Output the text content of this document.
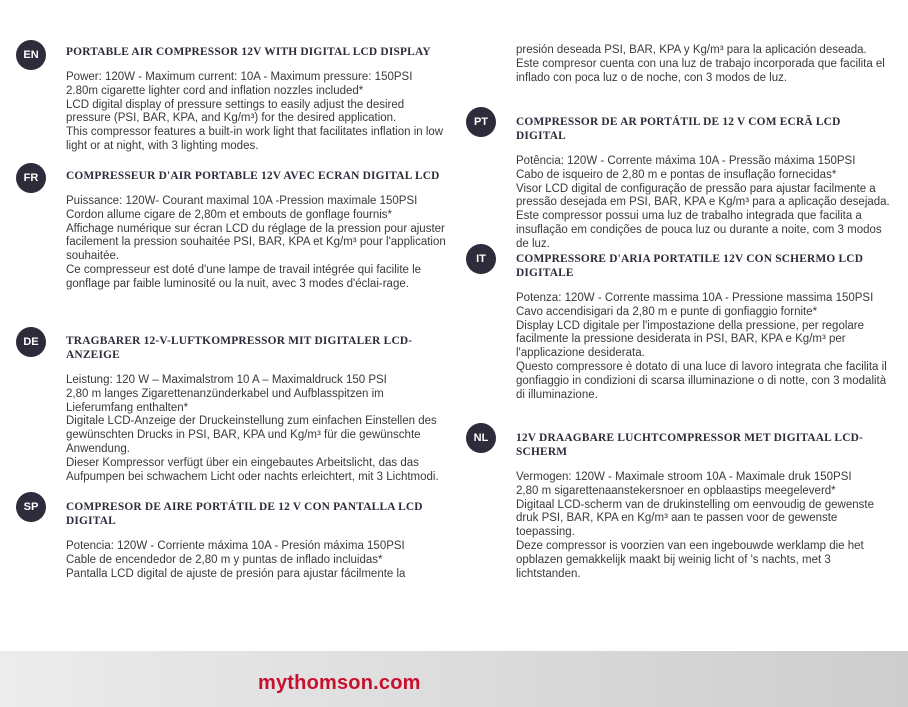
EN	PORTABLE AIR COMPRESSOR 12V WITH DIGITAL LCD DISPLAY

Power: 120W - Maximum current: 10A - Maximum pressure: 150PSI
2.80m cigarette lighter cord and inflation nozzles included*
LCD digital display of pressure settings to easily adjust the desired pressure (PSI, BAR, KPA, and Kg/m³) for the desired application.
This compressor features a built-in work light that facilitates inflation in low light or at night, with 3 lighting modes.

FR	COMPRESSEUR D'AIR PORTABLE 12V AVEC ECRAN DIGITAL LCD

Puissance: 120W- Courant maximal 10A -Pression maximale 150PSI
Cordon allume cigare de 2,80m et embouts de gonflage fournis*
Affichage numérique sur écran LCD du réglage de la pression pour ajuster facilement la pression souhaitée PSI, BAR, KPA et Kg/m³ pour l'application souhaitée.
Ce compresseur est doté d'une lampe de travail intégrée qui facilite le gonflage par faible luminosité ou la nuit, avec 3 modes d'éclai-rage.

DE	TRAGBARER 12-V-LUFTKOMPRESSOR MIT DIGITALER LCD-ANZEIGE

Leistung: 120 W – Maximalstrom 10 A – Maximaldruck 150 PSI
2,80 m langes Zigarettenanzünderkabel und Aufblasspitzen im Lieferumfang enthalten*
Digitale LCD-Anzeige der Druckeinstellung zum einfachen Einstellen des gewünschten Drucks in PSI, BAR, KPA und Kg/m³ für die gewünschte Anwendung.
Dieser Kompressor verfügt über ein eingebautes Arbeitslicht, das das Aufpumpen bei schwachem Licht oder nachts erleichtert, mit 3 Lichtmodi.

SP	COMPRESOR DE AIRE PORTÁTIL DE 12 V CON PANTALLA LCD DIGITAL

Potencia: 120W - Corriente máxima 10A - Presión máxima 150PSI
Cable de encendedor de 2,80 m y puntas de inflado incluidas*
Pantalla LCD digital de ajuste de presión para ajustar fácilmente la

presión deseada PSI, BAR, KPA y Kg/m³ para la aplicación deseada.
Este compresor cuenta con una luz de trabajo incorporada que facilita el inflado con poca luz o de noche, con 3 modos de luz.

PT	COMPRESSOR DE AR PORTÁTIL DE 12 V COM ECRÃ LCD DIGITAL

Potência: 120W - Corrente máxima 10A - Pressão máxima 150PSI
Cabo de isqueiro de 2,80 m e pontas de insuflação fornecidas*
Visor LCD digital de configuração de pressão para ajustar facilmente a pressão desejada em PSI, BAR, KPA e Kg/m³ para a aplicação desejada. Este compressor possui uma luz de trabalho integrada que facilita a insuflação em condições de pouca luz ou durante a noite, com 3 modos de luz.

IT	COMPRESSORE D'ARIA PORTATILE 12V CON SCHERMO LCD DIGITALE

Potenza: 120W - Corrente massima 10A - Pressione massima 150PSI
Cavo accendisigari da 2,80 m e punte di gonfiaggio fornite*
Display LCD digitale per l'impostazione della pressione, per regolare facilmente la pressione desiderata in PSI, BAR, KPA e Kg/m³ per l'applicazione desiderata.
Questo compressore è dotato di una luce di lavoro integrata che facilita il gonfiaggio in condizioni di scarsa illuminazione o di notte, con 3 modalità di illuminazione.

NL	12V DRAAGBARE LUCHTCOMPRESSOR MET DIGITAAL LCD-SCHERM

Vermogen: 120W - Maximale stroom 10A - Maximale druk 150PSI
2,80 m sigarettenaanstekersnoer en opblaastips meegeleverd*
Digitaal LCD-scherm van de drukinstelling om eenvoudig de gewenste druk PSI, BAR, KPA en Kg/m³ aan te passen voor de gewenste toepassing.
Deze compressor is voorzien van een ingebouwde werklamp die het opblazen gemakkelijk maakt bij weinig licht of 's nachts, met 3 lichtstanden.

mythomson.com
